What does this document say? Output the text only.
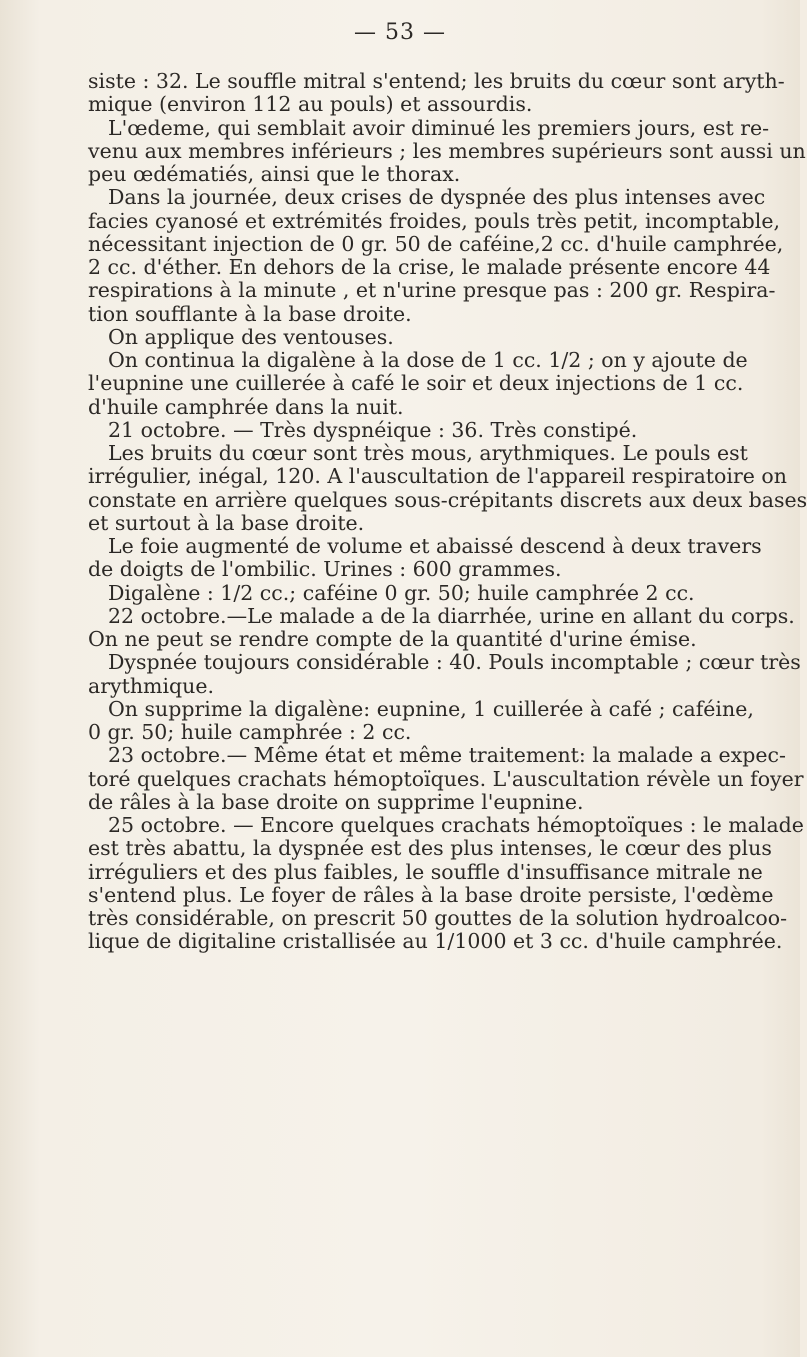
— 53 —
siste : 32. Le souffle mitral s'entend; les bruits du cœur sont aryth-
mique (environ 112 au pouls) et assourdis.
L'œdeme, qui semblait avoir diminué les premiers jours, est re-
venu aux membres inférieurs ; les membres supérieurs sont aussi un
peu œdématiés, ainsi que le thorax.
Dans la journée, deux crises de dyspnée des plus intenses avec
facies cyanosé et extrémités froides, pouls très petit, incomptable,
nécessitant injection de 0 gr. 50 de caféine,2 cc. d'huile camphrée,
2 cc. d'éther. En dehors de la crise, le malade présente encore 44
respirations à la minute , et n'urine presque pas : 200 gr. Respira-
tion soufflante à la base droite.
On applique des ventouses.
On continua la digalène à la dose de 1 cc. 1/2 ; on y ajoute de
l'eupnine une cuillerée à café le soir et deux injections de 1 cc.
d'huile camphrée dans la nuit.
21 octobre. — Très dyspnéique : 36. Très constipé.
Les bruits du cœur sont très mous, arythmiques. Le pouls est
irrégulier, inégal, 120. A l'auscultation de l'appareil respiratoire on
constate en arrière quelques sous-crépitants discrets aux deux bases
et surtout à la base droite.
Le foie augmenté de volume et abaissé descend à deux travers
de doigts de l'ombilic. Urines : 600 grammes.
Digalène : 1/2 cc.; caféine 0 gr. 50; huile camphrée 2 cc.
22 octobre.—Le malade a de la diarrhée, urine en allant du corps.
On ne peut se rendre compte de la quantité d'urine émise.
Dyspnée toujours considérable : 40. Pouls incomptable ; cœur très
arythmique.
On supprime la digalène: eupnine, 1 cuillerée à café ; caféine,
0 gr. 50; huile camphrée : 2 cc.
23 octobre.— Même état et même traitement: la malade a expec-
toré quelques crachats hémoptoïques. L'auscultation révèle un foyer
de râles à la base droite on supprime l'eupnine.
25 octobre. — Encore quelques crachats hémoptoïques : le malade
est très abattu, la dyspnée est des plus intenses, le cœur des plus
irréguliers et des plus faibles, le souffle d'insuffisance mitrale ne
s'entend plus. Le foyer de râles à la base droite persiste, l'œdème
très considérable, on prescrit 50 gouttes de la solution hydroalcoo-
lique de digitaline cristallisée au 1/1000 et 3 cc. d'huile camphrée.
